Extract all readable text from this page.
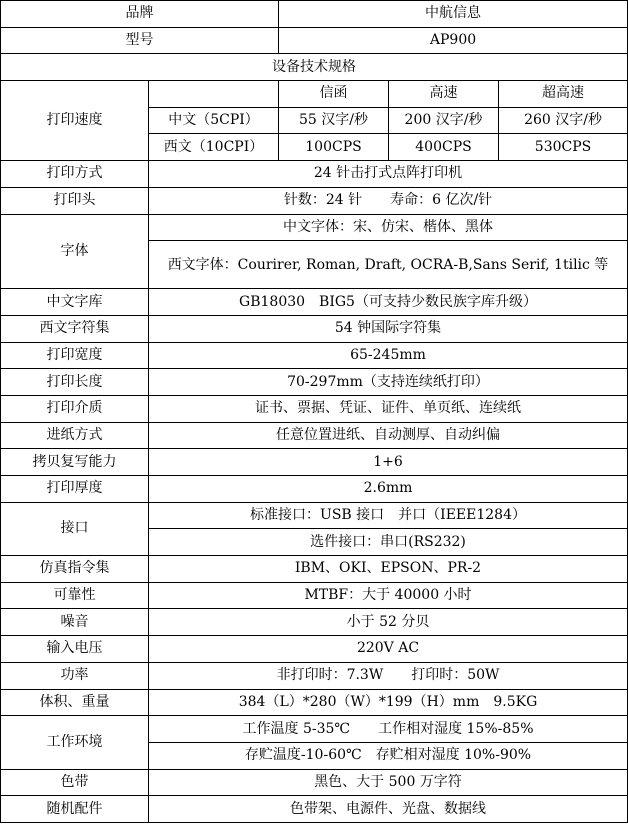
品牌		中航信息		
型号		AP900		
设备技术规格				
打印速度		信函	高速	超高速
	中文（5CPI）	55 汉字/秒	200 汉字/秒	260 汉字/秒
	西文（10CPI）	100CPS	400CPS	530CPS
打印方式	24 针击打式点阵打印机			
打印头	针数：24 针　　寿命：6 亿次/针			
字体	中文字体：宋、仿宋、楷体、黑体			
	西文字体：Courirer, Roman, Draft, OCRA-B,Sans Serif, 1tilic 等			
中文字库	GB18030　BIG5（可支持少数民族字库升级）			
西文字符集	54 钟国际字符集			
打印宽度	65-245mm			
打印长度	70-297mm（支持连续纸打印）			
打印介质	证书、票据、凭证、证件、单页纸、连续纸			
进纸方式	任意位置进纸、自动测厚、自动纠偏			
拷贝复写能力	1+6			
打印厚度	2.6mm			
接口	标准接口：USB 接口　并口（IEEE1284）			
	选件接口：串口(RS232)			
仿真指令集	IBM、OKI、EPSON、PR-2			
可靠性	MTBF：大于 40000 小时			
噪音	小于 52 分贝			
输入电压	220V AC			
功率	非打印时：7.3W　　打印时：50W			
体积、重量	384（L）*280（W）*199（H）mm　9.5KG			
工作环境	工作温度 5-35℃　　工作相对湿度 15%-85%			
	存贮温度-10-60℃　存贮相对湿度 10%-90%			
色带	黑色、大于 500 万字符			
随机配件	色带架、电源件、光盘、数据线			
